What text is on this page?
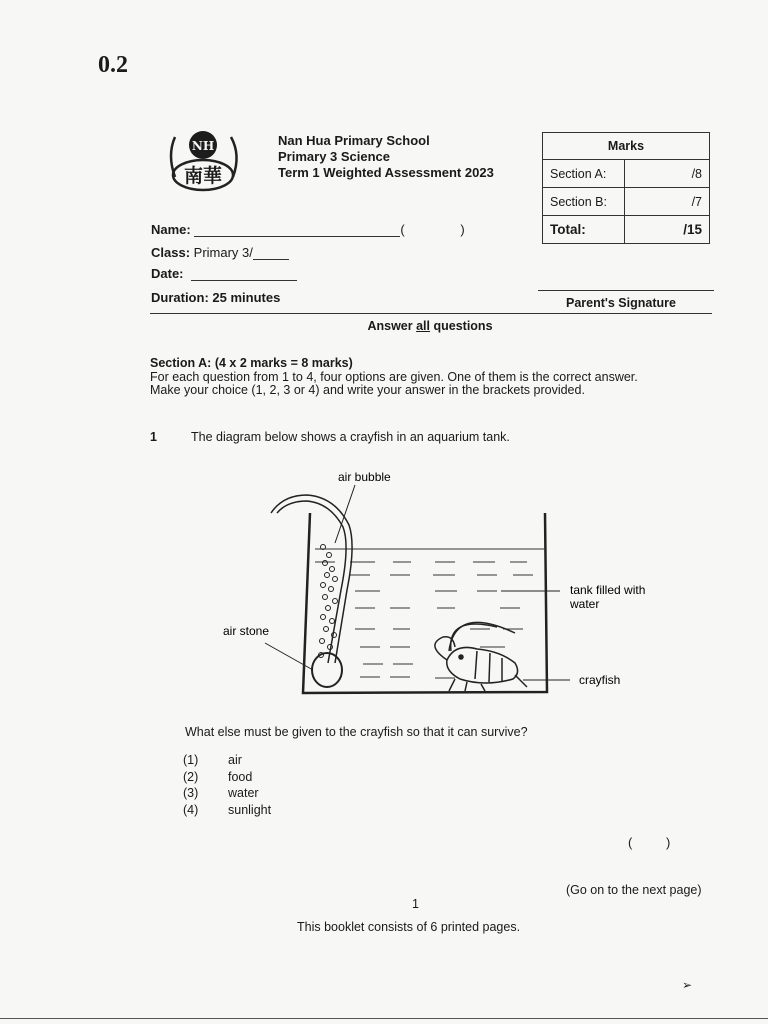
0.2
NH
南華
Nan Hua Primary School
Primary 3 Science
Term 1 Weighted Assessment 2023
Marks	
Section A:	/8
Section B:	/7
Total:	/15
Name:	(	)
Class: Primary 3/
Date:
Duration: 25 minutes	Parent's Signature
Answer all questions
Section A: (4 x 2 marks = 8 marks)
For each question from 1 to 4, four options are given. One of them is the correct answer.
Make your choice (1, 2, 3 or 4) and write your answer in the brackets provided.
1	The diagram below shows a crayfish in an aquarium tank.
air bubble
tank filled with
water
air stone
crayfish
What else must be given to the crayfish so that it can survive?
(1) air
(2) food
(3) water
(4) sunlight
( )
(Go on to the next page)
1
This booklet consists of 6 printed pages.
➢
